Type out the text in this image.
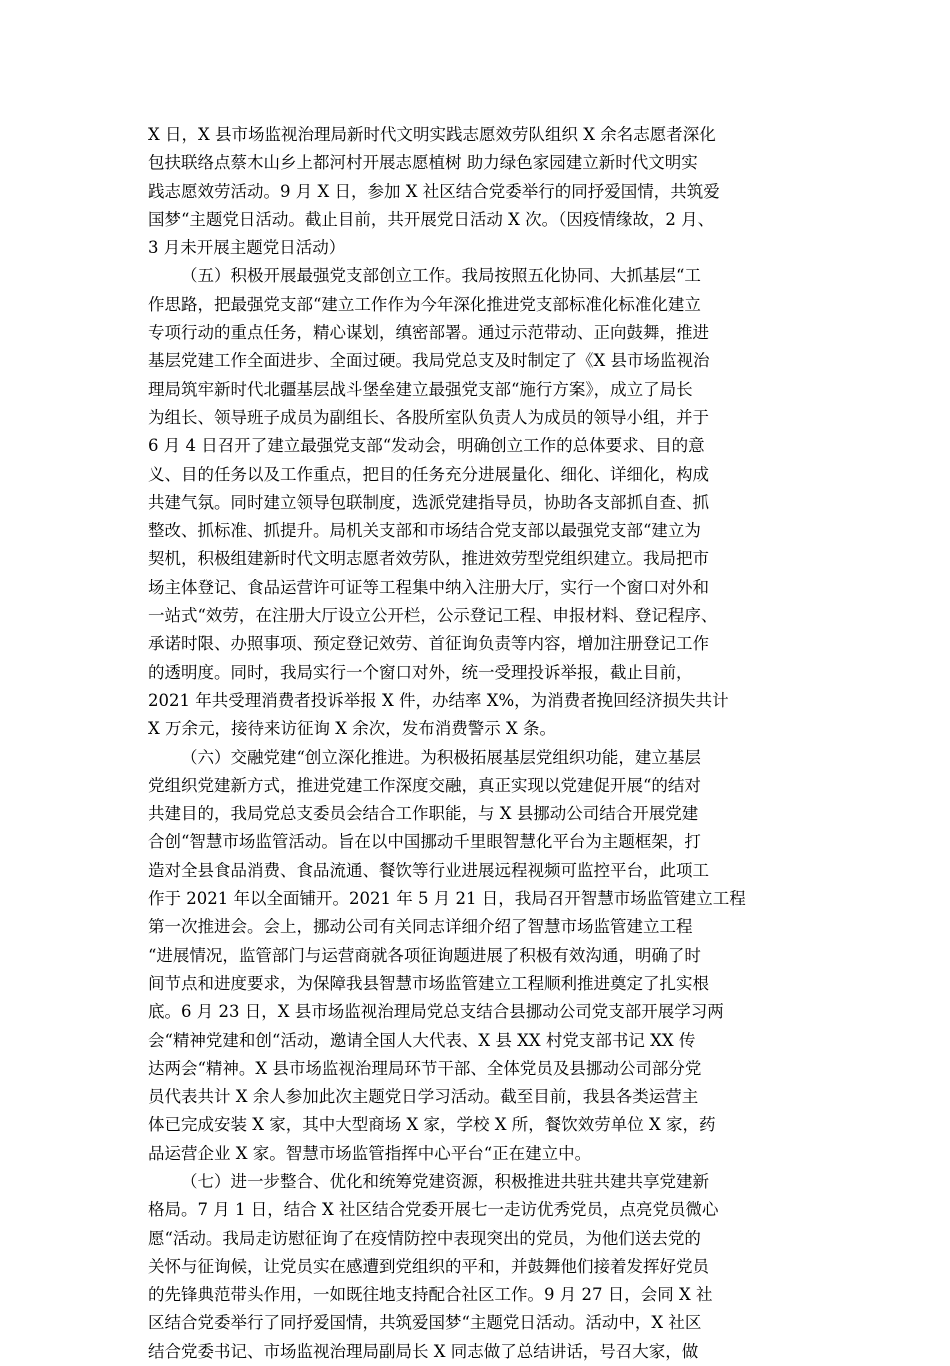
X 日，X 县市场监视治理局新时代文明实践志愿效劳队组织 X 余名志愿者深化
包扶联络点蔡木山乡上都河村开展志愿植树 助力绿色家园建立新时代文明实
践志愿效劳活动。9 月 X 日，参加 X 社区结合党委举行的同抒爱国情，共筑爱
国梦“主题党日活动。截止目前，共开展党日活动 X 次。（因疫情缘故，2 月、
3 月未开展主题党日活动）
（五）积极开展最强党支部创立工作。我局按照五化协同、大抓基层“工
作思路，把最强党支部“建立工作作为今年深化推进党支部标准化标准化建立
专项行动的重点任务，精心谋划，缜密部署。通过示范带动、正向鼓舞，推进
基层党建工作全面进步、全面过硬。我局党总支及时制定了《X 县市场监视治
理局筑牢新时代北疆基层战斗堡垒建立最强党支部“施行方案》，成立了局长
为组长、领导班子成员为副组长、各股所室队负责人为成员的领导小组，并于
6 月 4 日召开了建立最强党支部“发动会，明确创立工作的总体要求、目的意
义、目的任务以及工作重点，把目的任务充分进展量化、细化、详细化，构成
共建气氛。同时建立领导包联制度，选派党建指导员，协助各支部抓自查、抓
整改、抓标准、抓提升。局机关支部和市场结合党支部以最强党支部“建立为
契机，积极组建新时代文明志愿者效劳队，推进效劳型党组织建立。我局把市
场主体登记、食品运营许可证等工程集中纳入注册大厅，实行一个窗口对外和
一站式“效劳，在注册大厅设立公开栏，公示登记工程、申报材料、登记程序、
承诺时限、办照事项、预定登记效劳、首征询负责等内容，增加注册登记工作
的透明度。同时，我局实行一个窗口对外，统一受理投诉举报，截止目前，
2021 年共受理消费者投诉举报 X 件，办结率 X%，为消费者挽回经济损失共计
X 万余元，接待来访征询 X 余次，发布消费警示 X 条。
（六）交融党建“创立深化推进。为积极拓展基层党组织功能，建立基层
党组织党建新方式，推进党建工作深度交融，真正实现以党建促开展“的结对
共建目的，我局党总支委员会结合工作职能，与 X 县挪动公司结合开展党建
合创“智慧市场监管活动。旨在以中国挪动千里眼智慧化平台为主题框架，打
造对全县食品消费、食品流通、餐饮等行业进展远程视频可监控平台，此项工
作于 2021 年以全面铺开。2021 年 5 月 21 日，我局召开智慧市场监管建立工程
第一次推进会。会上，挪动公司有关同志详细介绍了智慧市场监管建立工程
“进展情况，监管部门与运营商就各项征询题进展了积极有效沟通，明确了时
间节点和进度要求，为保障我县智慧市场监管建立工程顺利推进奠定了扎实根
底。6 月 23 日，X 县市场监视治理局党总支结合县挪动公司党支部开展学习两
会“精神党建和创“活动，邀请全国人大代表、X 县 XX 村党支部书记 XX 传
达两会“精神。X 县市场监视治理局环节干部、全体党员及县挪动公司部分党
员代表共计 X 余人参加此次主题党日学习活动。截至目前，我县各类运营主
体已完成安装 X 家，其中大型商场 X 家，学校 X 所，餐饮效劳单位 X 家，药
品运营企业 X 家。智慧市场监管指挥中心平台“正在建立中。
（七）进一步整合、优化和统筹党建资源，积极推进共驻共建共享党建新
格局。7 月 1 日，结合 X 社区结合党委开展七一走访优秀党员，点亮党员微心
愿“活动。我局走访慰征询了在疫情防控中表现突出的党员，为他们送去党的
关怀与征询候，让党员实在感遭到党组织的平和，并鼓舞他们接着发挥好党员
的先锋典范带头作用，一如既往地支持配合社区工作。9 月 27 日，会同 X 社
区结合党委举行了同抒爱国情，共筑爱国梦“主题党日活动。活动中，X 社区
结合党委书记、市场监视治理局副局长 X 同志做了总结讲话，号召大家，做
